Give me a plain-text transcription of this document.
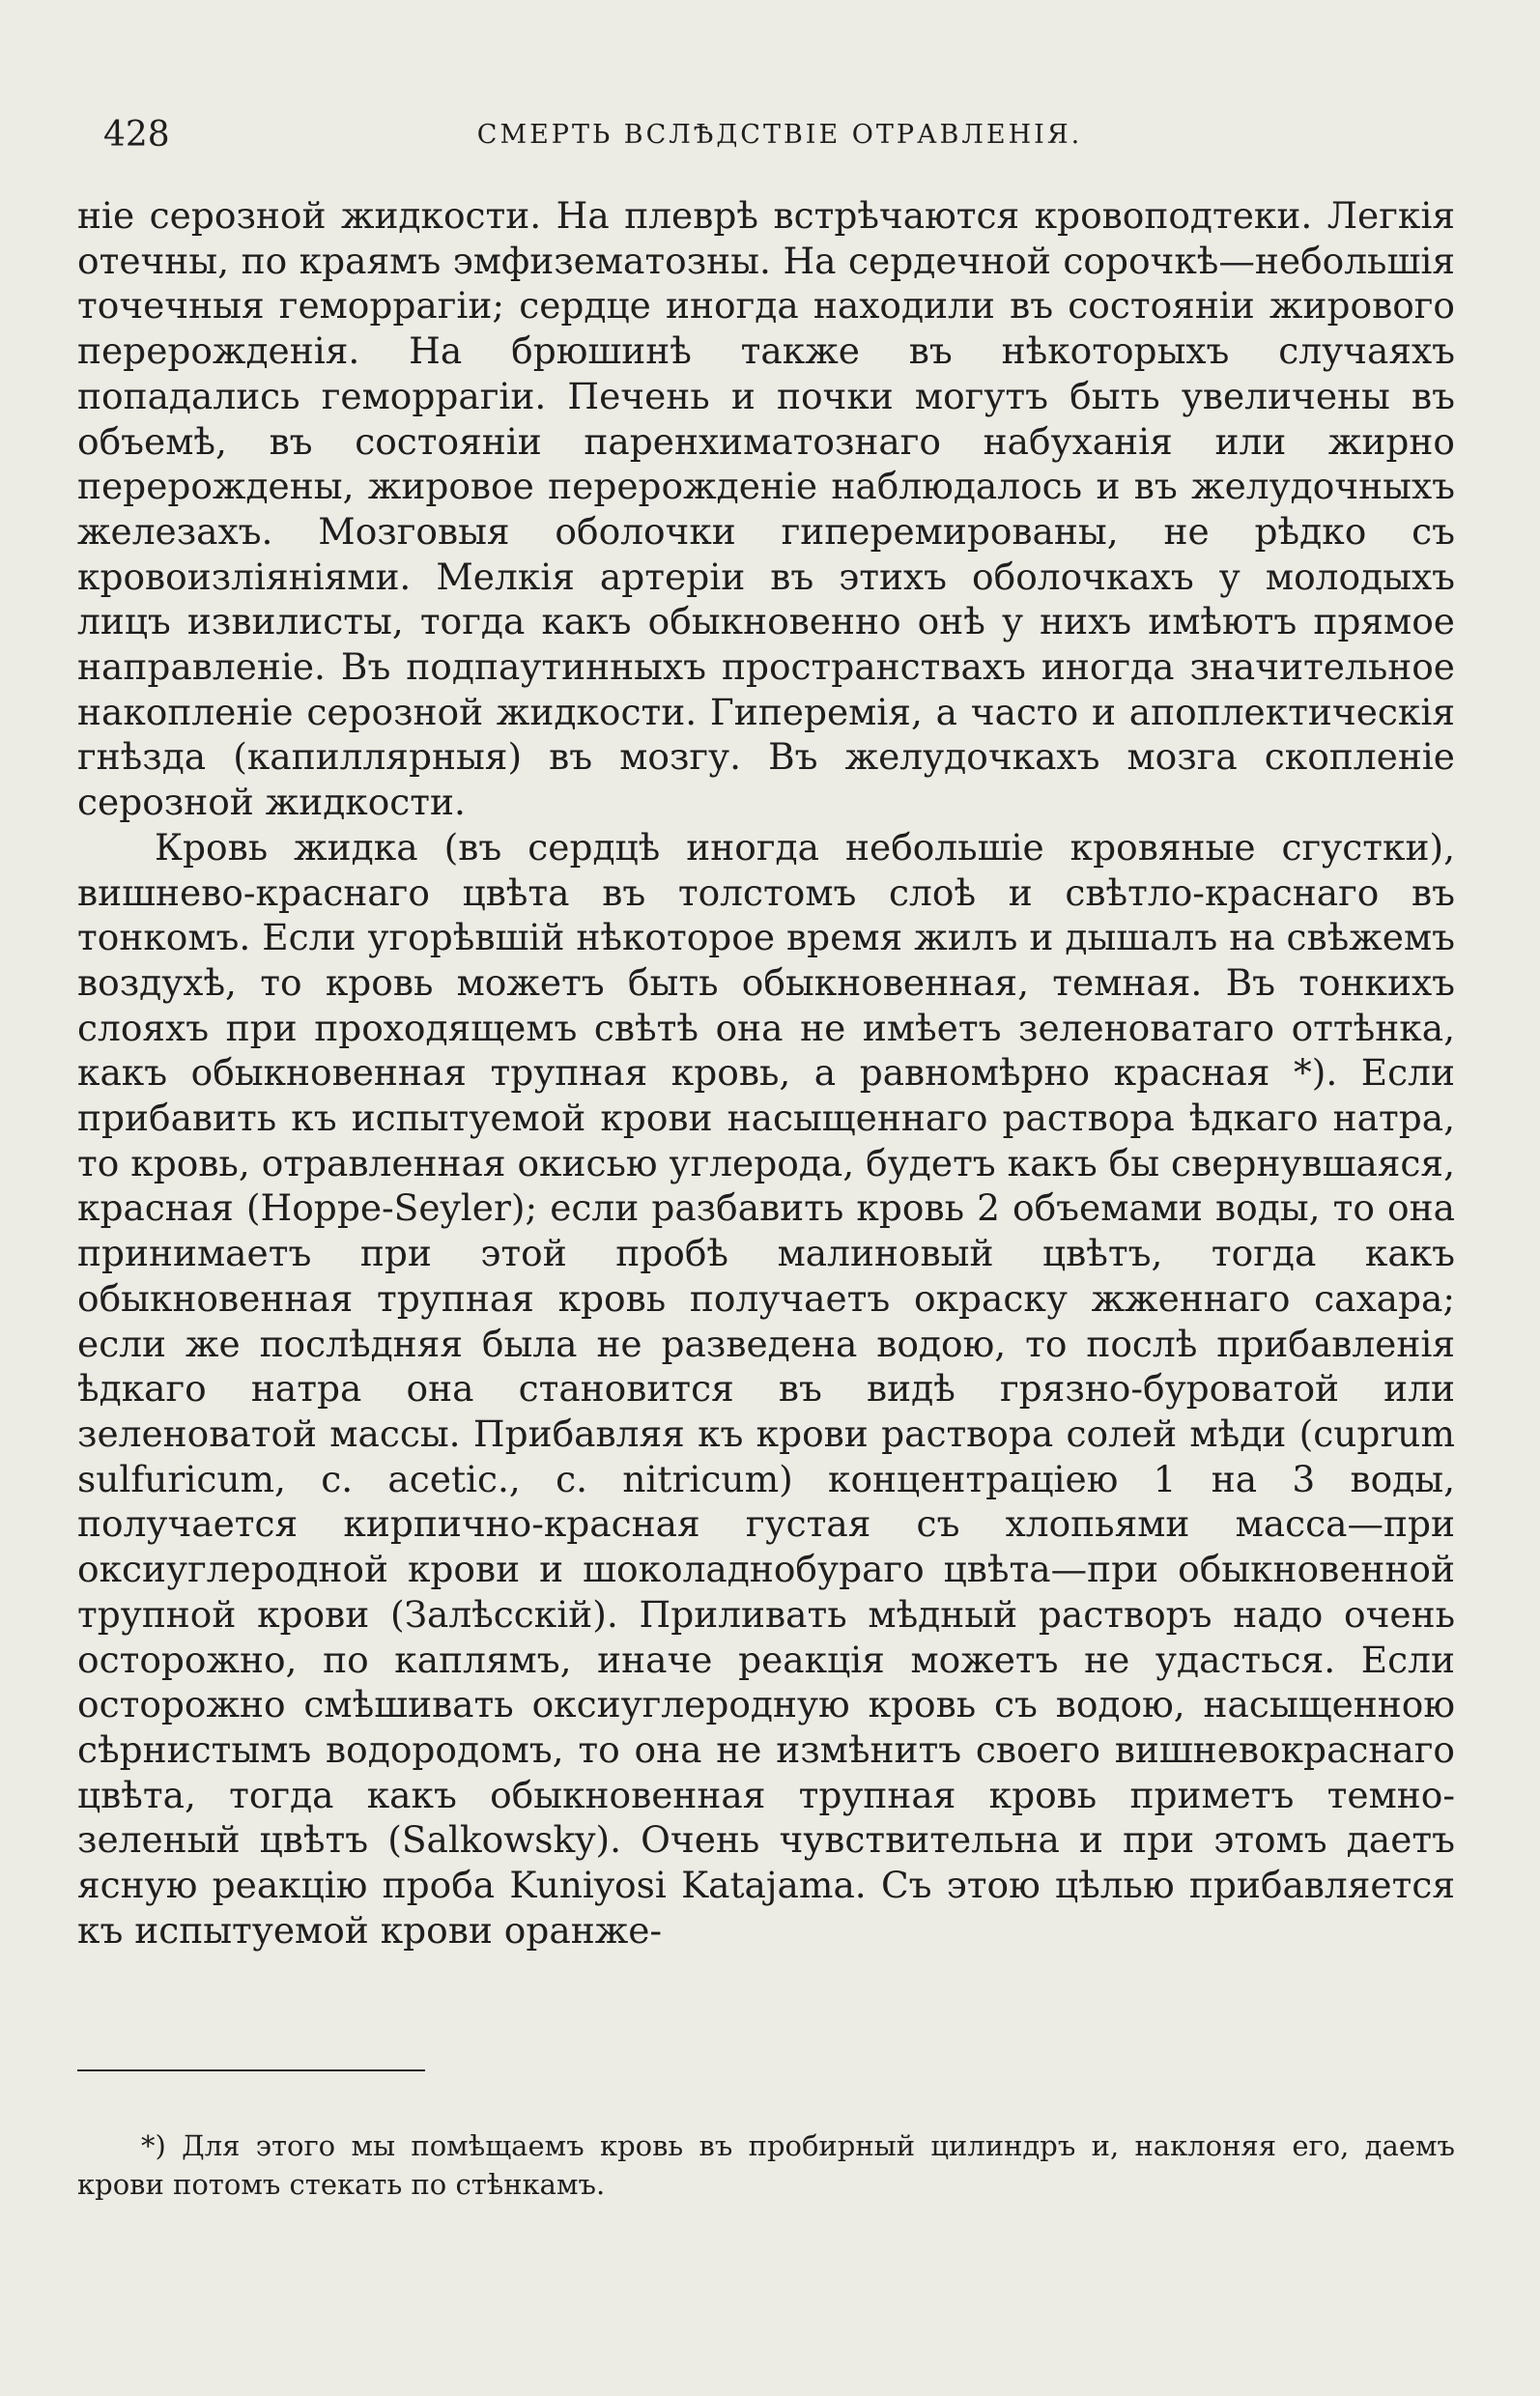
428	СМЕРТЬ ВСЛѢДСТВІЕ ОТРАВЛЕНІЯ.

ніе серозной жидкости. На плеврѣ встрѣчаются кровоподтеки. Легкія отечны, по краямъ эмфизематозны. На сердечной сорочкѣ—небольшія точечныя геморрагіи; сердце иногда находили въ состояніи жирового перерожденія. На брюшинѣ также въ нѣкоторыхъ случаяхъ попадались геморрагіи. Печень и почки могутъ быть увеличены въ объемѣ, въ состояніи паренхиматознаго набуханія или жирно перерождены, жировое перерожденіе наблюдалось и въ желудочныхъ железахъ. Мозговыя оболочки гиперемированы, не рѣдко съ кровоизліяніями. Мелкія артеріи въ этихъ оболочкахъ у молодыхъ лицъ извилисты, тогда какъ обыкновенно онѣ у нихъ имѣютъ прямое направленіе. Въ подпаутинныхъ пространствахъ иногда значительное накопленіе серозной жидкости. Гиперемія, а часто и апоплектическія гнѣзда (капиллярныя) въ мозгу. Въ желудочкахъ мозга скопленіе серозной жидкости.

Кровь жидка (въ сердцѣ иногда небольшіе кровяные сгустки), вишнево-краснаго цвѣта въ толстомъ слоѣ и свѣтло-краснаго въ тонкомъ. Если угорѣвшій нѣкоторое время жилъ и дышалъ на свѣжемъ воздухѣ, то кровь можетъ быть обыкновенная, темная. Въ тонкихъ слояхъ при проходящемъ свѣтѣ она не имѣетъ зеленоватаго оттѣнка, какъ обыкновенная трупная кровь, а равномѣрно красная *). Если прибавить къ испытуемой крови насыщеннаго раствора ѣдкаго натра, то кровь, отравленная окисью углерода, будетъ какъ бы свернувшаяся, красная (Hoppe-Seyler); если разбавить кровь 2 объемами воды, то она принимаетъ при этой пробѣ малиновый цвѣтъ, тогда какъ обыкновенная трупная кровь получаетъ окраску жженнаго сахара; если же послѣдняя была не разведена водою, то послѣ прибавленія ѣдкаго натра она становится въ видѣ грязно-буроватой или зеленоватой массы. Прибавляя къ крови раствора солей мѣди (cuprum sulfuricum, c. acetic., c. nitricum) концентраціею 1 на 3 воды, получается кирпично-красная густая съ хлопьями масса—при оксиуглеродной крови и шоколаднобураго цвѣта—при обыкновенной трупной крови (Залѣсскій). Приливать мѣдный растворъ надо очень осторожно, по каплямъ, иначе реакція можетъ не удасться. Если осторожно смѣшивать оксиуглеродную кровь съ водою, насыщенною сѣрнистымъ водородомъ, то она не измѣнитъ своего вишневокраснаго цвѣта, тогда какъ обыкновенная трупная кровь приметъ темно-зеленый цвѣтъ (Salkowsky). Очень чувствительна и при этомъ даетъ ясную реакцію проба Kuniyosi Katajama. Съ этою цѣлью прибавляется къ испытуемой крови оранже-

*) Для этого мы помѣщаемъ кровь въ пробирный цилиндръ и, наклоняя его, даемъ крови потомъ стекать по стѣнкамъ.
